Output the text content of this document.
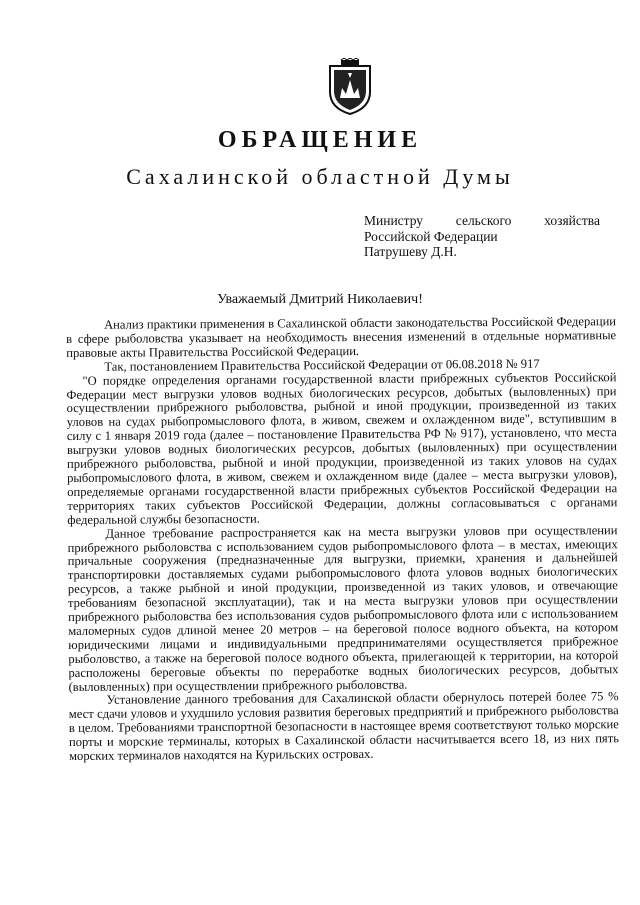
ОБРАЩЕНИЕ
Сахалинской областной Думы
Министру сельского хозяйства
Российской Федерации
Патрушеву Д.Н.
Уважаемый Дмитрий Николаевич!

Анализ практики применения в Сахалинской области законодательства Российской Федерации в сфере рыболовства указывает на необходимость внесения изменений в отдельные нормативные правовые акты Правительства Российской Федерации.

Так, постановлением Правительства Российской Федерации от 06.08.2018 № 917

"О порядке определения органами государственной власти прибрежных субъектов Российской Федерации мест выгрузки уловов водных биологических ресурсов, добытых (выловленных) при осуществлении прибрежного рыболовства, рыбной и иной продукции, произведенной из таких уловов на судах рыбопромыслового флота, в живом, свежем и охлажденном виде", вступившим в силу с 1 января 2019 года (далее – постановление Правительства РФ № 917), установлено, что места выгрузки уловов водных биологических ресурсов, добытых (выловленных) при осуществлении прибрежного рыболовства, рыбной и иной продукции, произведенной из таких уловов на судах рыбопромыслового флота, в живом, свежем и охлажденном виде (далее – места выгрузки уловов), определяемые органами государственной власти прибрежных субъектов Российской Федерации на территориях таких субъектов Российской Федерации, должны согласовываться с органами федеральной службы безопасности.

Данное требование распространяется как на места выгрузки уловов при осуществлении прибрежного рыболовства с использованием судов рыбопромыслового флота – в местах, имеющих причальные сооружения (предназначенные для выгрузки, приемки, хранения и дальнейшей транспортировки доставляемых судами рыбопромыслового флота уловов водных биологических ресурсов, а также рыбной и иной продукции, произведенной из таких уловов, и отвечающие требованиям безопасной эксплуатации), так и на места выгрузки уловов при осуществлении прибрежного рыболовства без использования судов рыбопромыслового флота или с использованием маломерных судов длиной менее 20 метров – на береговой полосе водного объекта, на котором юридическими лицами и индивидуальными предпринимателями осуществляется прибрежное рыболовство, а также на береговой полосе водного объекта, прилегающей к территории, на которой расположены береговые объекты по переработке водных биологических ресурсов, добытых (выловленных) при осуществлении прибрежного рыболовства.

Установление данного требования для Сахалинской области обернулось потерей более 75 % мест сдачи уловов и ухудшило условия развития береговых предприятий и прибрежного рыболовства в целом. Требованиями транспортной безопасности в настоящее время соответствуют только морские порты и морские терминалы, которых в Сахалинской области насчитывается всего 18, из них пять морских терминалов находятся на Курильских островах.
